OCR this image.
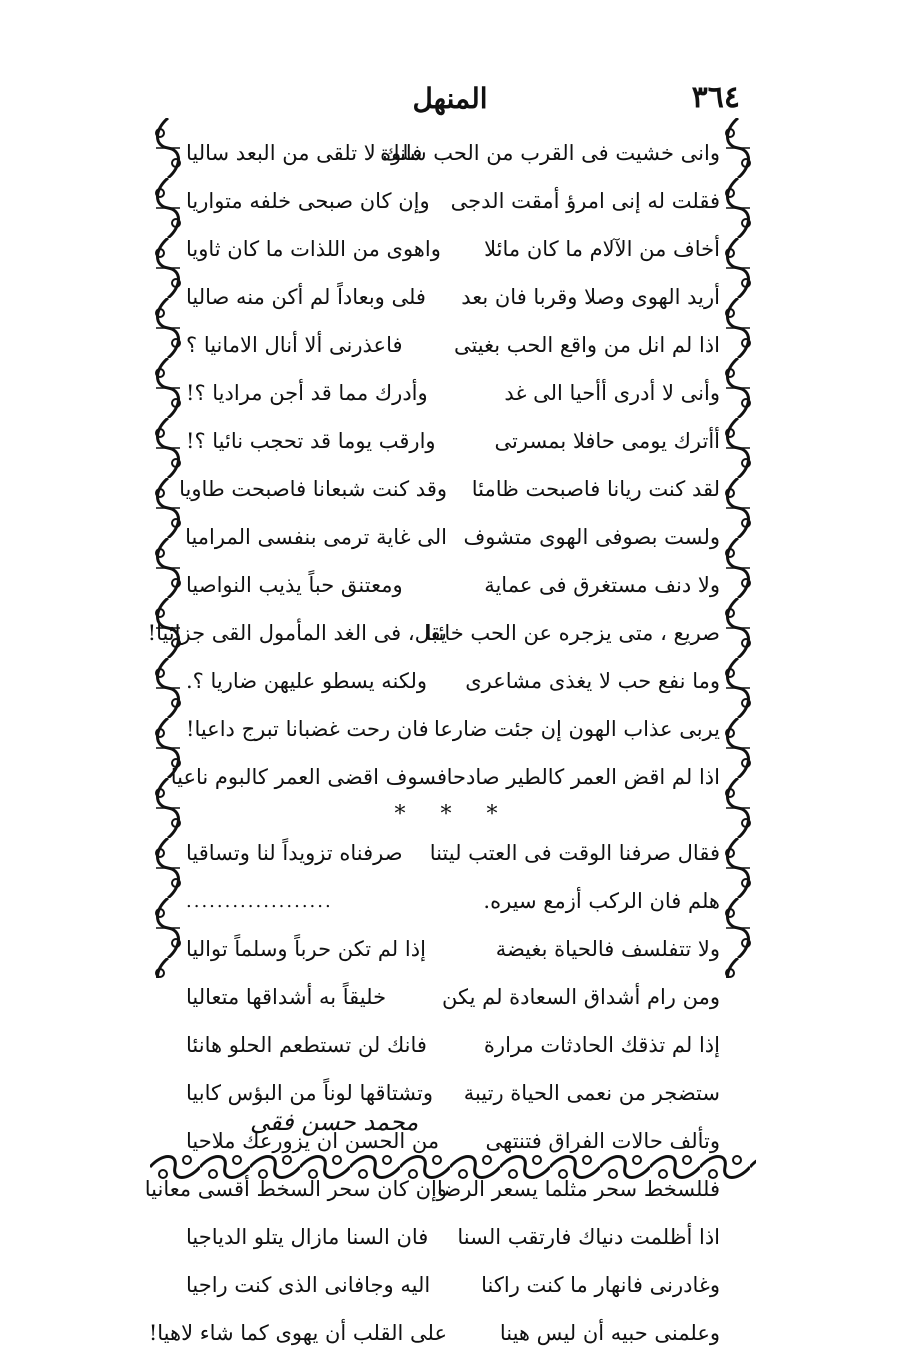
٣٦٤
المنهل
وانى خشيت فى القرب من الحب سلوة
فانك لا تلقى من البعد ساليا
فقلت له إنى امرؤ أمقت الدجى
وإن كان صبحى خلفه متواريا
أخاف من الآلام ما كان مائلا
واهوى من اللذات ما كان ثاويا
أريد الهوى وصلا وقربا فان بعد
فلى وبعاداً لم أكن منه صاليا
اذا لم انل من واقع الحب بغيتى
فاعذرنى ألا أنال الامانيا ؟
وأنى لا أدرى أأحيا الى غد
وأدرك مما قد أجن مراديا ؟!
أأترك يومى حافلا بمسرتى
وارقب يوما قد تحجب نائيا ؟!
لقد كنت ريانا فاصبحت ظامئا
وقد كنت شبعانا فاصبحت طاويا
ولست بصوفى الهوى متشوف
الى غاية ترمى بنفسى المراميا
ولا دنف مستغرق فى عماية
ومعتنق حباً يذيب النواصيا
صريع ، متى يزجره عن الحب خائبا
يقل، فى الغد المأمول القى جزائيا!
وما نفع حب لا يغذى مشاعرى
ولكنه يسطو عليهن ضاريا ؟.
يربى عذاب الهون إن جئت ضارعا
فان رحت غضبانا تبرج داعيا!
اذا لم اقض العمر كالطير صادحا
فسوف اقضى العمر كالبوم ناعيا
* * *
فقال صرفنا الوقت فى العتب ليتنا
صرفناه تزويداً لنا وتساقيا
هلم فان الركب أزمع سيره.
...................
ولا تتفلسف فالحياة بغيضة
إذا لم تكن حرباً وسلماً تواليا
ومن رام أشداق السعادة لم يكن
خليقاً به أشداقها متعاليا
إذا لم تذقك الحادثات مرارة
فانك لن تستطعم الحلو هانئا
ستضجر من نعمى الحياة رتيبة
وتشتاقها لوناً من البؤس كابيا
وتألف حالات الفراق فتنتهى
من الحسن ان يزورعك ملاحيا
فللسخط سحر مثلما يسعر الرضا
وإن كان سحر السخط أقسى معانيا
اذا أظلمت دنياك فارتقب السنا
فان السنا مازال يتلو الدياجيا
وغادرنى فانهار ما كنت راكنا
اليه وجافانى الذى كنت راجيا
وعلمنى حبيه أن ليس هينا
على القلب أن يهوى كما شاء لاهيا!
محمد حسن فقى
